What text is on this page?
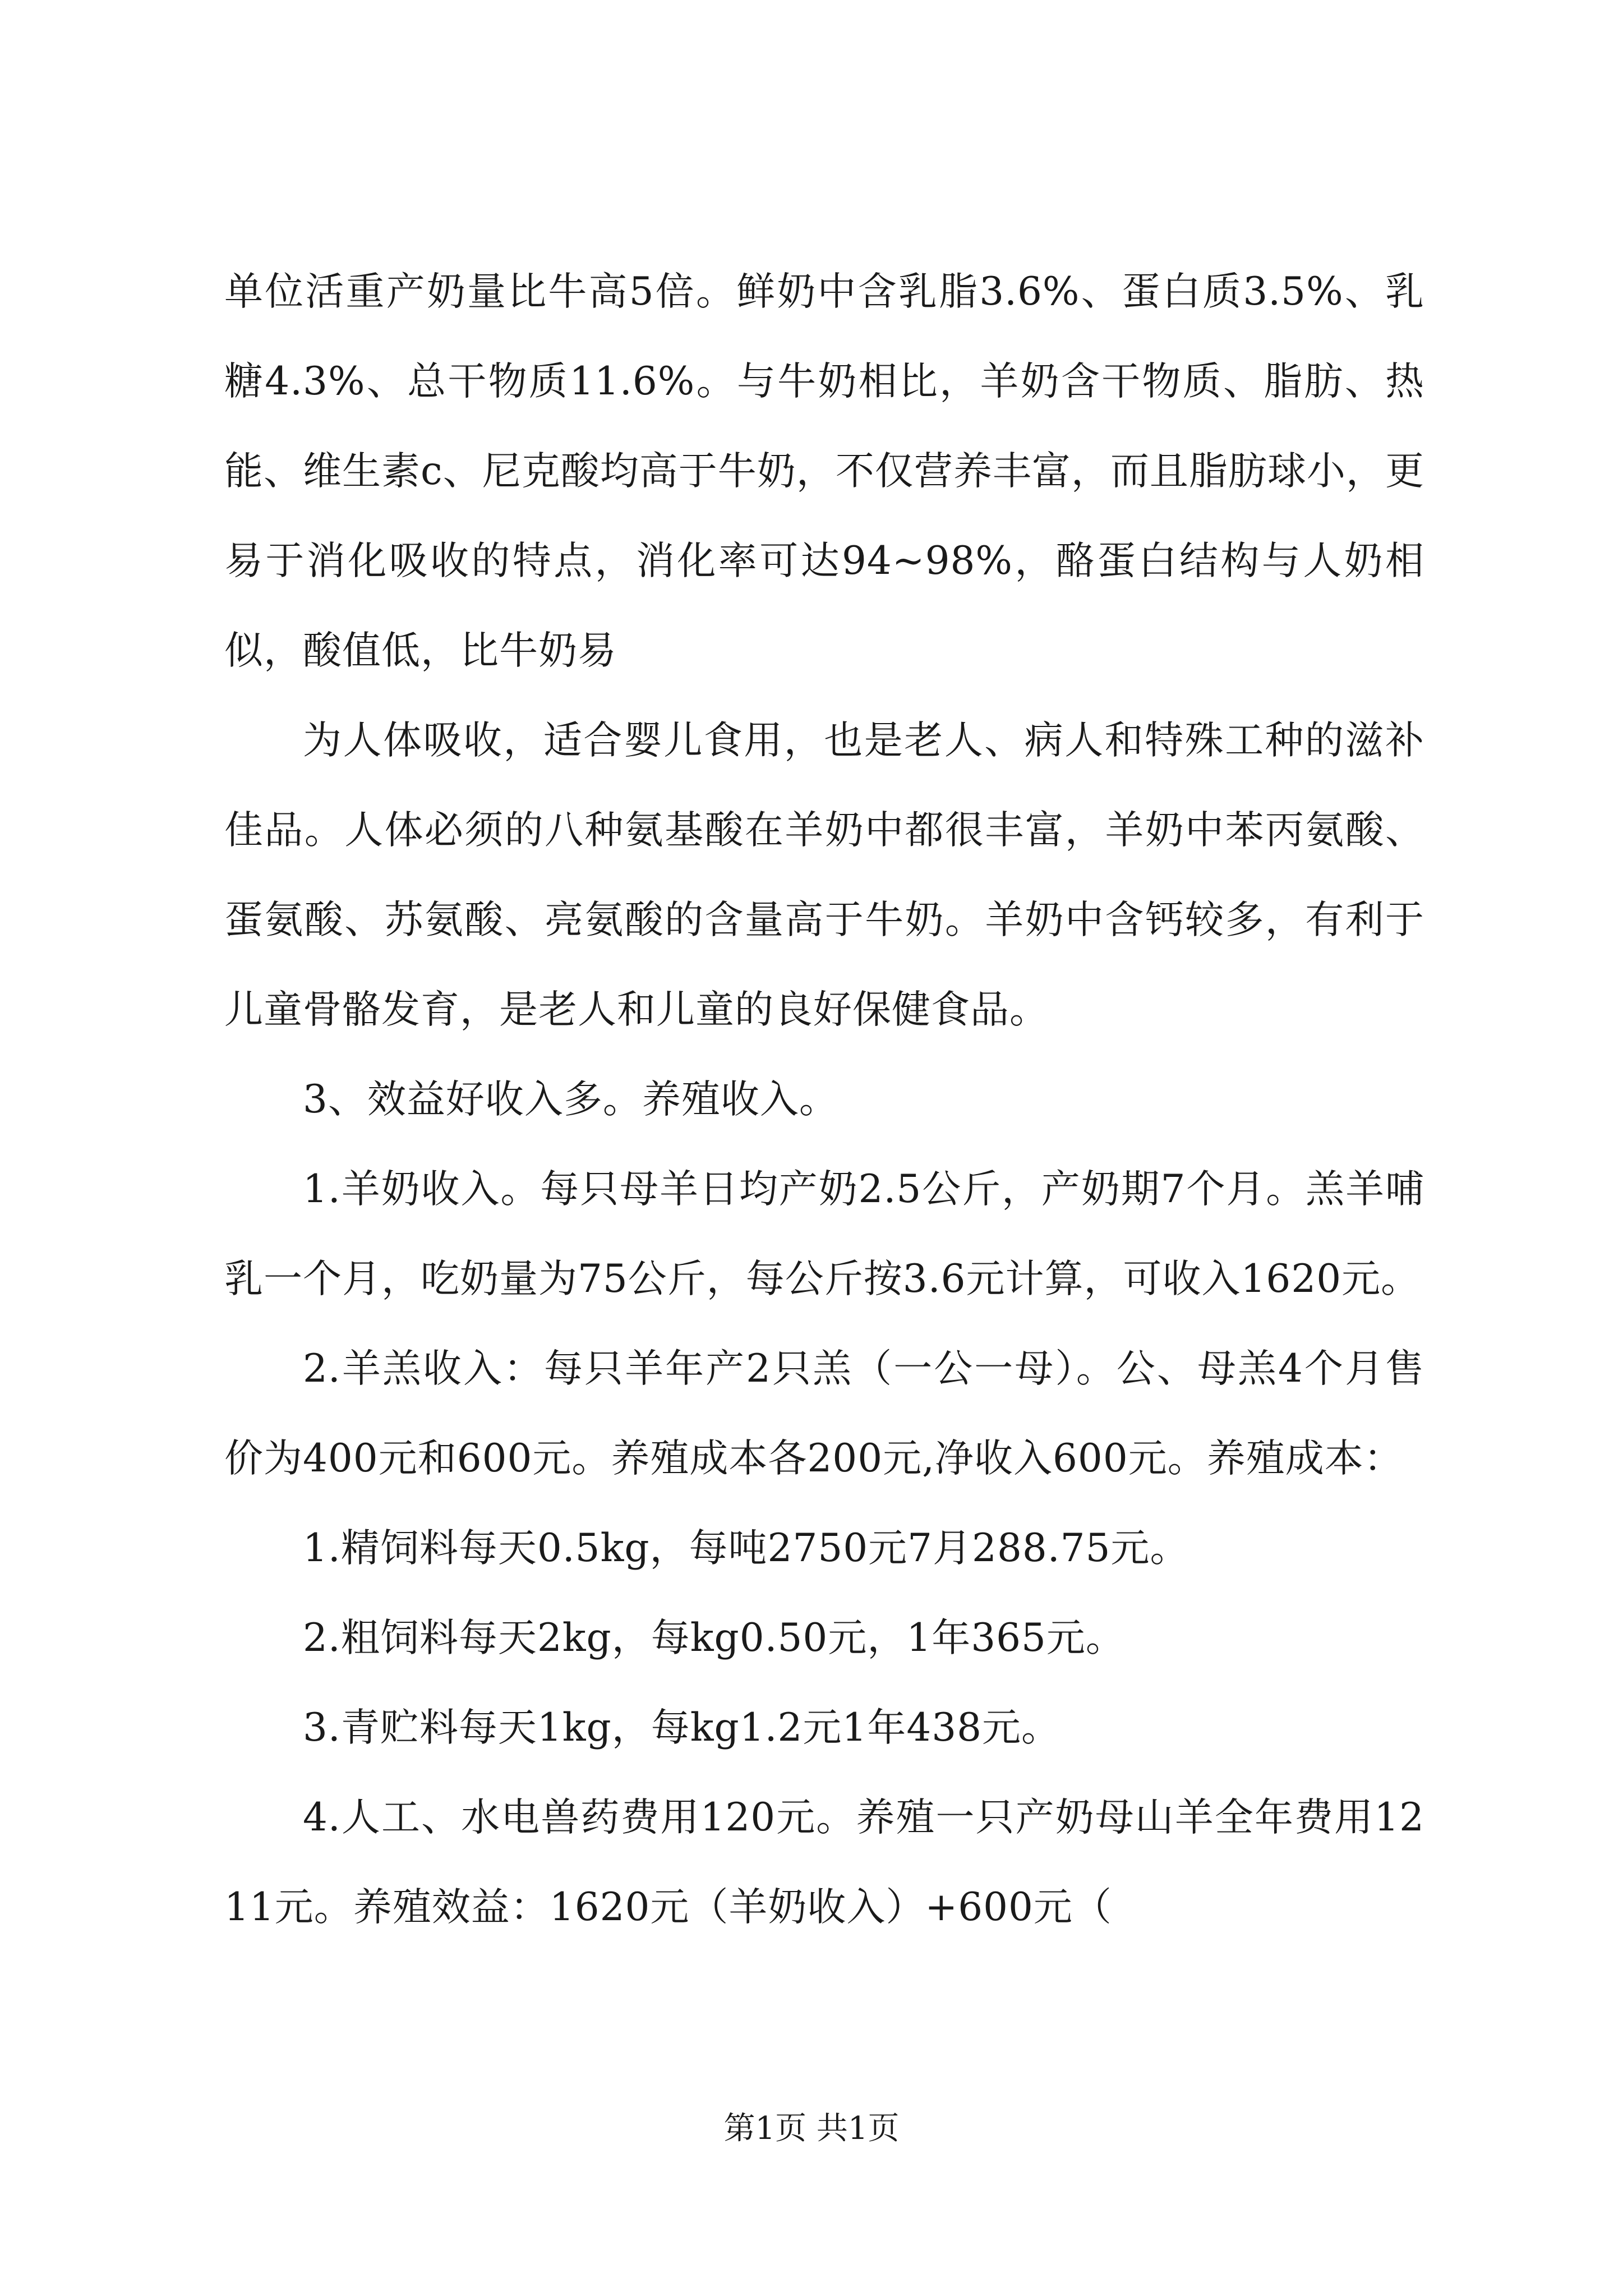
单位活重产奶量比牛高5倍。鲜奶中含乳脂3.6%、蛋白质3.5%、乳糖4.3%、总干物质11.6%。与牛奶相比，羊奶含干物质、脂肪、热能、维生素c、尼克酸均高于牛奶，不仅营养丰富，而且脂肪球小，更易于消化吸收的特点，消化率可达94~98%，酪蛋白结构与人奶相似，酸值低，比牛奶易

为人体吸收，适合婴儿食用，也是老人、病人和特殊工种的滋补佳品。人体必须的八种氨基酸在羊奶中都很丰富，羊奶中苯丙氨酸、蛋氨酸、苏氨酸、亮氨酸的含量高于牛奶。羊奶中含钙较多，有利于儿童骨骼发育，是老人和儿童的良好保健食品。

3、效益好收入多。养殖收入。

1.羊奶收入。每只母羊日均产奶2.5公斤，产奶期7个月。羔羊哺乳一个月，吃奶量为75公斤，每公斤按3.6元计算，可收入1620元。

2.羊羔收入：每只羊年产2只羔（一公一母）。公、母羔4个月售价为400元和600元。养殖成本各200元,净收入600元。养殖成本：

1.精饲料每天0.5kg，每吨2750元7月288.75元。

2.粗饲料每天2kg，每kg0.50元，1年365元。

3.青贮料每天1kg，每kg1.2元1年438元。

4.人工、水电兽药费用120元。养殖一只产奶母山羊全年费用1211元。养殖效益：1620元（羊奶收入）+600元（

第1页 共1页
